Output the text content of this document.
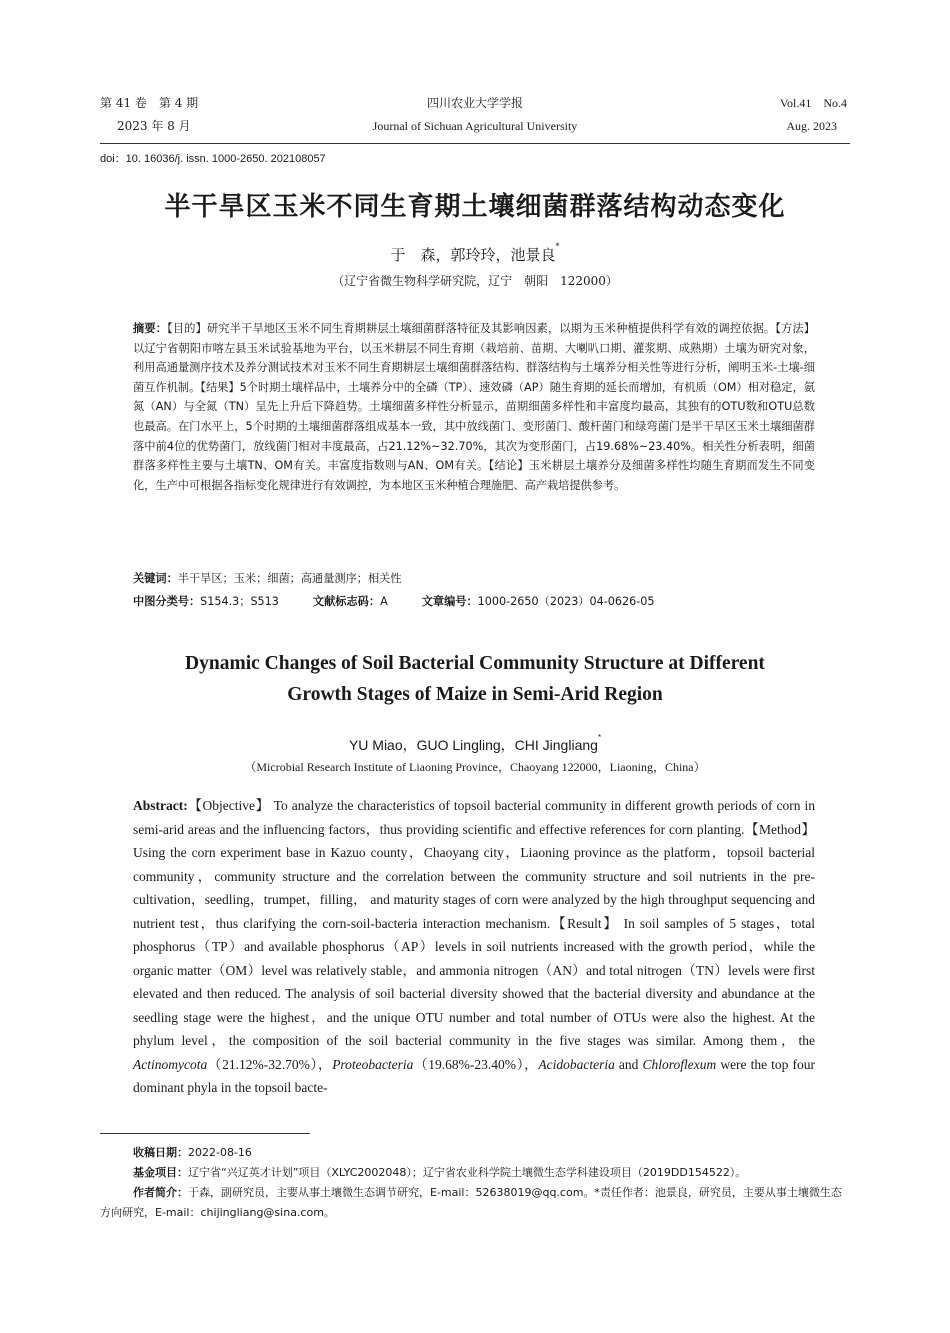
第 41 卷　第 4 期
2023 年 8 月
四川农业大学学报
Journal of Sichuan Agricultural University
Vol.41　No.4
Aug. 2023
doi：10. 16036/j. issn. 1000-2650. 202108057
半干旱区玉米不同生育期土壤细菌群落结构动态变化
于　森，郭玲玲，池景良*
（辽宁省微生物科学研究院，辽宁　朝阳　122000）
摘要：【目的】研究半干旱地区玉米不同生育期耕层土壤细菌群落特征及其影响因素，以期为玉米种植提供科学有效的调控依据。【方法】以辽宁省朝阳市喀左县玉米试验基地为平台，以玉米耕层不同生育期（栽培前、苗期、大喇叭口期、灌浆期、成熟期）土壤为研究对象，利用高通量测序技术及养分测试技术对玉米不同生育期耕层土壤细菌群落结构、群落结构与土壤养分相关性等进行分析，阐明玉米-土壤-细菌互作机制。【结果】5个时期土壤样品中，土壤养分中的全磷（TP）、速效磷（AP）随生育期的延长而增加，有机质（OM）相对稳定，氨氮（AN）与全氮（TN）呈先上升后下降趋势。土壤细菌多样性分析显示，苗期细菌多样性和丰富度均最高，其独有的OTU数和OTU总数也最高。在门水平上，5个时期的土壤细菌群落组成基本一致，其中放线菌门、变形菌门、酸杆菌门和绿弯菌门是半干旱区玉米土壤细菌群落中前4位的优势菌门，放线菌门相对丰度最高，占21.12%~32.70%，其次为变形菌门，占19.68%~23.40%。相关性分析表明，细菌群落多样性主要与土壤TN、OM有关。丰富度指数则与AN、OM有关。【结论】玉米耕层土壤养分及细菌多样性均随生育期而发生不同变化，生产中可根据各指标变化规律进行有效调控，为本地区玉米种植合理施肥、高产栽培提供参考。
关键词：半干旱区；玉米；细菌；高通量测序；相关性
中图分类号：S154.3；S513	文献标志码：A	文章编号：1000-2650（2023）04-0626-05
Dynamic Changes of Soil Bacterial Community Structure at Different
Growth Stages of Maize in Semi-Arid Region
YU Miao，GUO Lingling，CHI Jingliang*
（Microbial Research Institute of Liaoning Province，Chaoyang 122000，Liaoning，China）
Abstract:【Objective】 To analyze the characteristics of topsoil bacterial community in different growth periods of corn in semi-arid areas and the influencing factors，thus providing scientific and effective references for corn planting.【Method】 Using the corn experiment base in Kazuo county，Chaoyang city，Liaoning province as the platform，topsoil bacterial community，community structure and the correlation between the community structure and soil nutrients in the pre-cultivation，seedling，trumpet，filling， and maturity stages of corn were analyzed by the high throughput sequencing and nutrient test，thus clarifying the corn-soil-bacteria interaction mechanism.【Result】 In soil samples of 5 stages，total phosphorus（TP）and available phosphorus（AP）levels in soil nutrients increased with the growth period，while the organic matter（OM）level was relatively stable，and ammonia nitrogen（AN）and total nitrogen（TN）levels were first elevated and then reduced. The analysis of soil bacterial diversity showed that the bacterial diversity and abundance at the seedling stage were the highest，and the unique OTU number and total number of OTUs were also the highest. At the phylum level，the composition of the soil bacterial community in the five stages was similar. Among them，the Actinomycota（21.12%-32.70%），Proteobacteria（19.68%-23.40%），Acidobacteria and Chloroflexum were the top four dominant phyla in the topsoil bacte-

收稿日期：2022-08-16

基金项目：辽宁省“兴辽英才计划”项目（XLYC2002048）；辽宁省农业科学院土壤微生态学科建设项目（2019DD154522）。

作者简介：于森，副研究员，主要从事土壤微生态调节研究，E-mail：52638019@qq.com。*责任作者：池景良，研究员，主要从事土壤微生态方向研究，E-mail：chijingliang@sina.com。
